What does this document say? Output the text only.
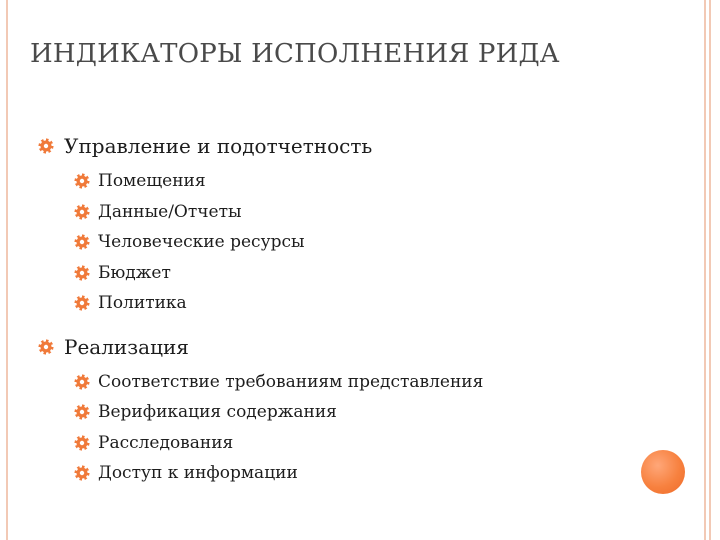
ИНДИКАТОРЫ ИСПОЛНЕНИЯ РИДА
Управление и подотчетность
Помещения
Данные/Отчеты
Человеческие ресурсы
Бюджет
Политика
Реализация
Соответствие требованиям представления
Верификация содержания
Расследования
Доступ к информации
